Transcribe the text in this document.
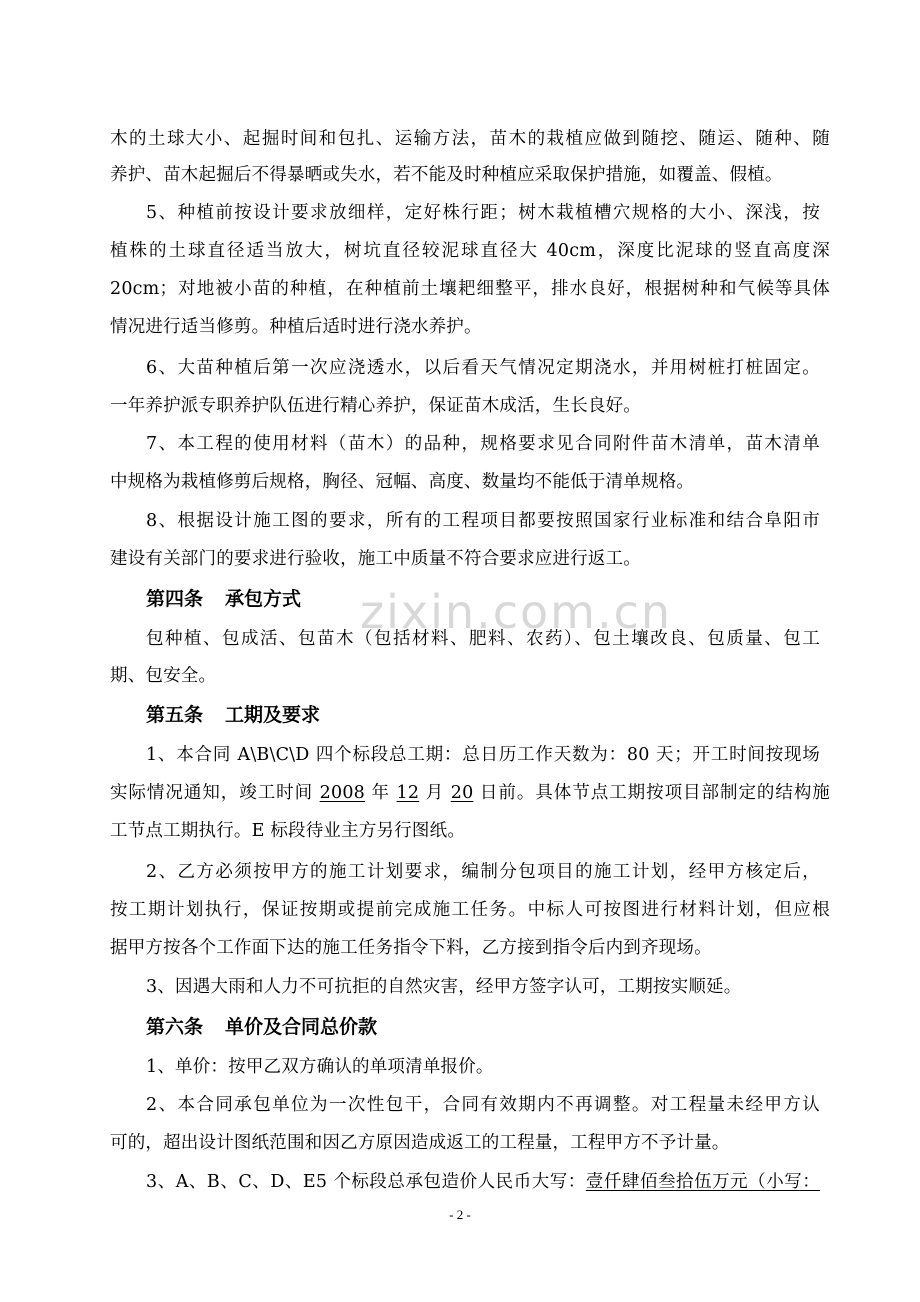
zixin.com.cn
木的土球大小、起掘时间和包扎、运输方法，苗木的栽植应做到随挖、随运、随种、随
养护、苗木起掘后不得暴晒或失水，若不能及时种植应采取保护措施，如覆盖、假植。
5、种植前按设计要求放细样，定好株行距；树木栽植槽穴规格的大小、深浅，按
植株的土球直径适当放大，树坑直径较泥球直径大 40cm，深度比泥球的竖直高度深
20cm；对地被小苗的种植，在种植前土壤耙细整平，排水良好，根据树种和气候等具体
情况进行适当修剪。种植后适时进行浇水养护。
6、大苗种植后第一次应浇透水，以后看天气情况定期浇水，并用树桩打桩固定。
一年养护派专职养护队伍进行精心养护，保证苗木成活，生长良好。
7、本工程的使用材料（苗木）的品种，规格要求见合同附件苗木清单，苗木清单
中规格为栽植修剪后规格，胸径、冠幅、高度、数量均不能低于清单规格。
8、根据设计施工图的要求，所有的工程项目都要按照国家行业标准和结合阜阳市
建设有关部门的要求进行验收，施工中质量不符合要求应进行返工。
第四条 承包方式
包种植、包成活、包苗木（包括材料、肥料、农药）、包土壤改良、包质量、包工
期、包安全。
第五条 工期及要求
1、本合同 A\B\C\D 四个标段总工期：总日历工作天数为：80 天；开工时间按现场
实际情况通知，竣工时间 2008 年 12 月 20 日前。具体节点工期按项目部制定的结构施
工节点工期执行。E 标段待业主方另行图纸。
2、乙方必须按甲方的施工计划要求，编制分包项目的施工计划，经甲方核定后，
按工期计划执行，保证按期或提前完成施工任务。中标人可按图进行材料计划，但应根
据甲方按各个工作面下达的施工任务指令下料，乙方接到指令后内到齐现场。
3、因遇大雨和人力不可抗拒的自然灾害，经甲方签字认可，工期按实顺延。
第六条 单价及合同总价款
1、单价：按甲乙双方确认的单项清单报价。
2、本合同承包单位为一次性包干，合同有效期内不再调整。对工程量未经甲方认
可的，超出设计图纸范围和因乙方原因造成返工的工程量，工程甲方不予计量。
3、A、B、C、D、E5 个标段总承包造价人民币大写：壹仟肆佰叁拾伍万元（小写：
- 2 -
